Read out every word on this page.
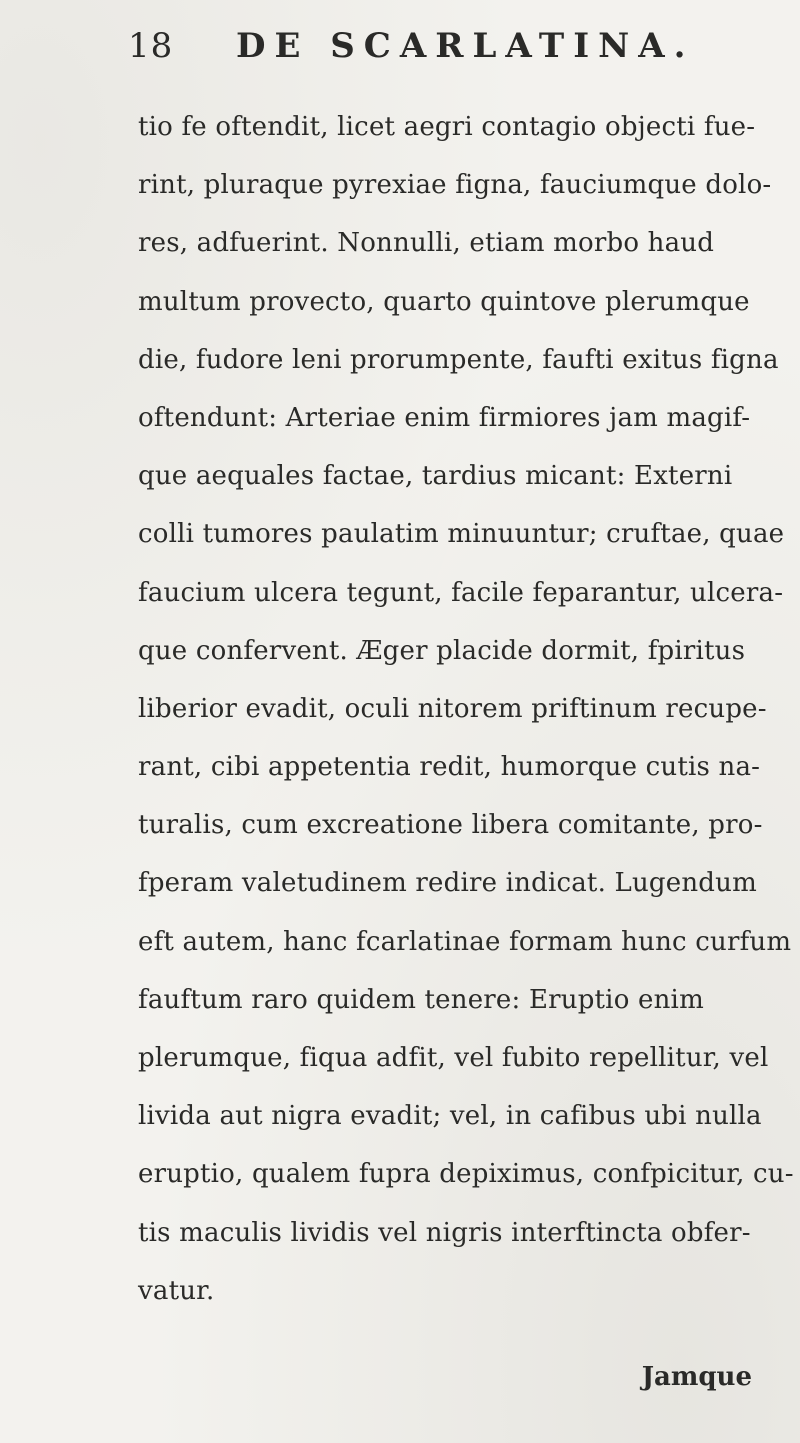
18 DE SCARLATINA.
tio fe oftendit, licet aegri contagio objecti fue-
rint, pluraque pyrexiae figna, fauciumque dolo-
res, adfuerint. Nonnulli, etiam morbo haud
multum provecto, quarto quintove plerumque
die, fudore leni prorumpente, faufti exitus figna
oftendunt: Arteriae enim firmiores jam magif-
que aequales factae, tardius micant: Externi
colli tumores paulatim minuuntur; cruftae, quae
faucium ulcera tegunt, facile feparantur, ulcera-
que confervent. Æger placide dormit, fpiritus
liberior evadit, oculi nitorem priftinum recupe-
rant, cibi appetentia redit, humorque cutis na-
turalis, cum excreatione libera comitante, pro-
fperam valetudinem redire indicat. Lugendum
eft autem, hanc fcarlatinae formam hunc curfum
fauftum raro quidem tenere: Eruptio enim
plerumque, fiqua adfit, vel fubito repellitur, vel
livida aut nigra evadit; vel, in cafibus ubi nulla
eruptio, qualem fupra depiximus, confpicitur, cu-
tis maculis lividis vel nigris interftincta obfer-
vatur.
Jamque
